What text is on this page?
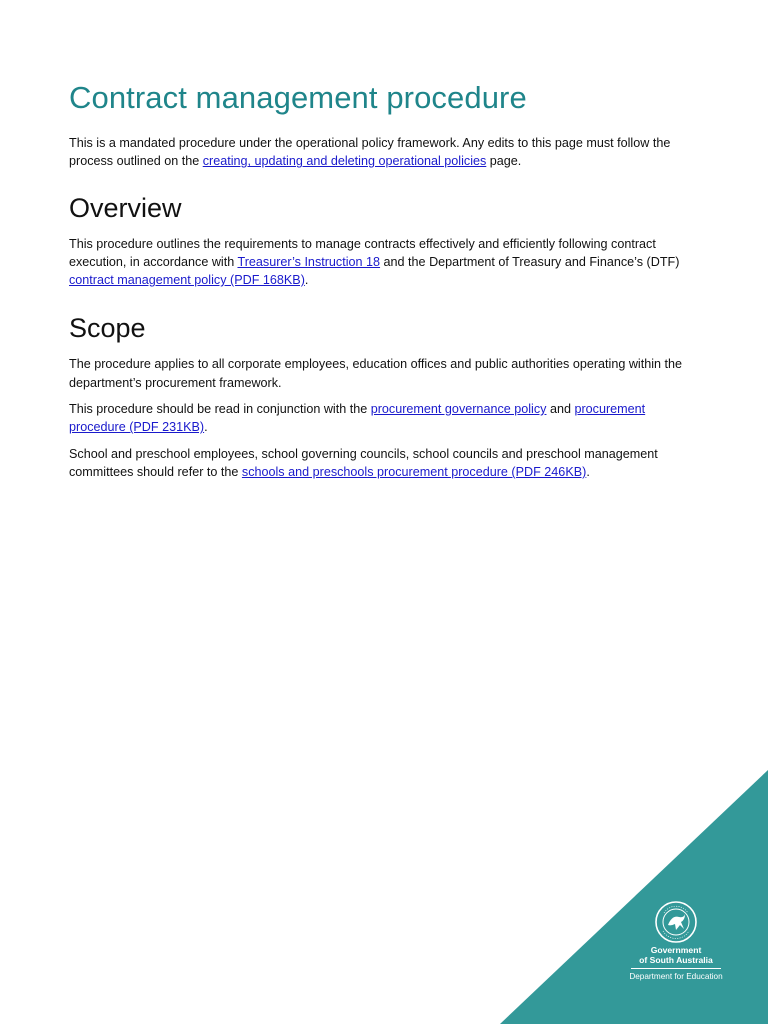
Contract management procedure

This is a mandated procedure under the operational policy framework. Any edits to this page must follow the process outlined on the creating, updating and deleting operational policies page.

Overview

This procedure outlines the requirements to manage contracts effectively and efficiently following contract execution, in accordance with Treasurer’s Instruction 18 and the Department of Treasury and Finance’s (DTF) contract management policy (PDF 168KB).

Scope

The procedure applies to all corporate employees, education offices and public authorities operating within the department’s procurement framework.

This procedure should be read in conjunction with the procurement governance policy and procurement procedure (PDF 231KB).

School and preschool employees, school governing councils, school councils and preschool management committees should refer to the schools and preschools procurement procedure (PDF 246KB).

Government
of South Australia
Department for Education
